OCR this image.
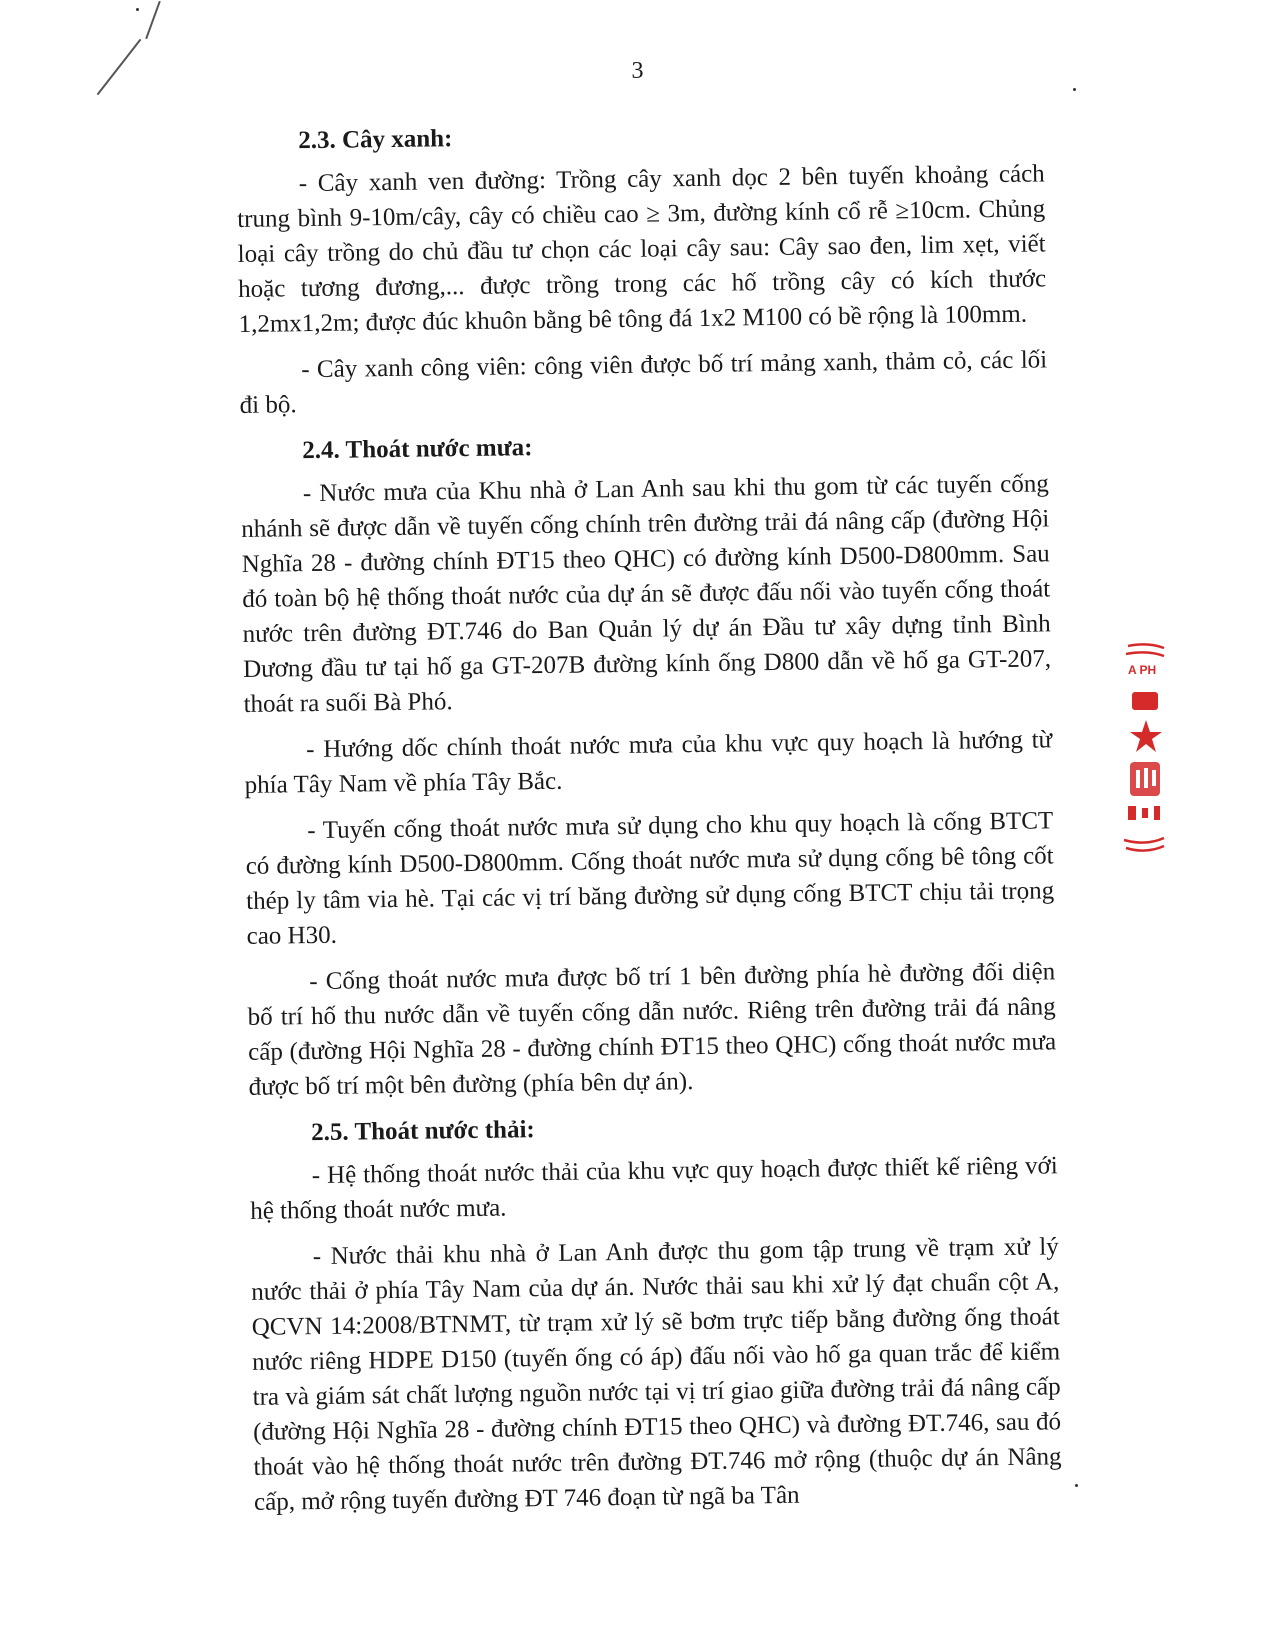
3
2.3. Cây xanh:

- Cây xanh ven đường: Trồng cây xanh dọc 2 bên tuyến khoảng cách trung bình 9-10m/cây, cây có chiều cao ≥ 3m, đường kính cổ rễ ≥10cm. Chủng loại cây trồng do chủ đầu tư chọn các loại cây sau: Cây sao đen, lim xẹt, viết hoặc tương đương,... được trồng trong các hố trồng cây có kích thước 1,2mx1,2m; được đúc khuôn bằng bê tông đá 1x2 M100 có bề rộng là 100mm.

- Cây xanh công viên: công viên được bố trí mảng xanh, thảm cỏ, các lối đi bộ.

2.4. Thoát nước mưa:

- Nước mưa của Khu nhà ở Lan Anh sau khi thu gom từ các tuyến cống nhánh sẽ được dẫn về tuyến cống chính trên đường trải đá nâng cấp (đường Hội Nghĩa 28 - đường chính ĐT15 theo QHC) có đường kính D500-D800mm. Sau đó toàn bộ hệ thống thoát nước của dự án sẽ được đấu nối vào tuyến cống thoát nước trên đường ĐT.746 do Ban Quản lý dự án Đầu tư xây dựng tỉnh Bình Dương đầu tư tại hố ga GT-207B đường kính ống D800 dẫn về hố ga GT-207, thoát ra suối Bà Phó.

- Hướng dốc chính thoát nước mưa của khu vực quy hoạch là hướng từ phía Tây Nam về phía Tây Bắc.

- Tuyến cống thoát nước mưa sử dụng cho khu quy hoạch là cống BTCT có đường kính D500-D800mm. Cống thoát nước mưa sử dụng cống bê tông cốt thép ly tâm via hè. Tại các vị trí băng đường sử dụng cống BTCT chịu tải trọng cao H30.

- Cống thoát nước mưa được bố trí 1 bên đường phía hè đường đối diện bố trí hố thu nước dẫn về tuyến cống dẫn nước. Riêng trên đường trải đá nâng cấp (đường Hội Nghĩa 28 - đường chính ĐT15 theo QHC) cống thoát nước mưa được bố trí một bên đường (phía bên dự án).

2.5. Thoát nước thải:

- Hệ thống thoát nước thải của khu vực quy hoạch được thiết kế riêng với hệ thống thoát nước mưa.

- Nước thải khu nhà ở Lan Anh được thu gom tập trung về trạm xử lý nước thải ở phía Tây Nam của dự án. Nước thải sau khi xử lý đạt chuẩn cột A, QCVN 14:2008/BTNMT, từ trạm xử lý sẽ bơm trực tiếp bằng đường ống thoát nước riêng HDPE D150 (tuyến ống có áp) đấu nối vào hố ga quan trắc để kiểm tra và giám sát chất lượng nguồn nước tại vị trí giao giữa đường trải đá nâng cấp (đường Hội Nghĩa 28 - đường chính ĐT15 theo QHC) và đường ĐT.746, sau đó thoát vào hệ thống thoát nước trên đường ĐT.746 mở rộng (thuộc dự án Nâng cấp, mở rộng tuyến đường ĐT 746 đoạn từ ngã ba Tân

A PH
